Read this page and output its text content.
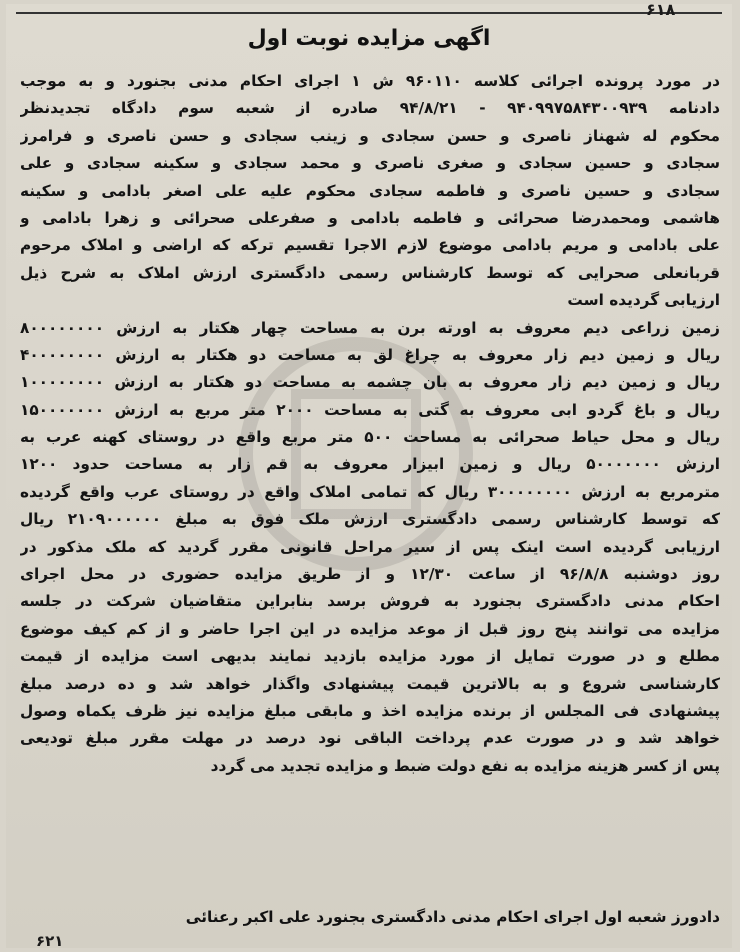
۶۱۸
اگهی مزایده نوبت اول
در مورد پرونده اجرائی کلاسه ۹۶۰۱۱۰ ش ۱ اجرای احکام مدنی بجنورد و به موجب
دادنامه ۹۴۰۹۹۷۵۸۴۳۰۰۹۳۹ - ۹۴/۸/۲۱ صادره از شعبه سوم دادگاه تجدیدنظر
محکوم له شهناز ناصری و حسن سجادی و زینب سجادی و حسن ناصری و فرامرز
سجادی و حسین سجادی و صغری ناصری و محمد سجادی و سکینه سجادی و علی
سجادی و حسین ناصری و فاطمه سجادی محکوم علیه علی اصغر بادامی و سکینه
هاشمی ومحمدرضا صحرائی و فاطمه بادامی و صفرعلی صحرائی و زهرا بادامی و
علی بادامی و مریم بادامی موضوع لازم الاجرا تقسیم ترکه که اراضی و املاک مرحوم
قربانعلی صحرایی که توسط کارشناس رسمی دادگستری ارزش املاک به شرح ذیل
ارزیابی گردیده است
زمین زراعی دیم معروف به اورته برن به مساحت چهار هکتار به ارزش ۸۰۰۰۰۰۰۰۰
ریال و زمین دیم زار معروف به چراغ لق به مساحت دو هکتار به ارزش ۴۰۰۰۰۰۰۰۰
ریال و زمین دیم زار معروف به بان چشمه به مساحت دو هکتار به ارزش ۱۰۰۰۰۰۰۰۰
ریال و باغ گردو ابی معروف به گتی به مساحت ۲۰۰۰ متر مربع به ارزش ۱۵۰۰۰۰۰۰۰
ریال و محل حیاط صحرائی به مساحت ۵۰۰ متر مربع واقع در روستای کهنه عرب به
ارزش ۵۰۰۰۰۰۰۰ ریال و زمین ابیزار معروف به قم زار به مساحت حدود ۱۲۰۰
مترمربع به ارزش ۳۰۰۰۰۰۰۰۰ ریال که تمامی املاک واقع در روستای عرب واقع گردیده
که توسط کارشناس رسمی دادگستری ارزش ملک فوق به مبلغ ۲۱۰۹۰۰۰۰۰۰ ریال
ارزیابی گردیده است اینک پس از سیر مراحل قانونی مقرر گردید که ملک مذکور در
روز دوشنبه ۹۶/۸/۸ از ساعت ۱۲/۳۰ و از طریق مزایده حضوری در محل اجرای
احکام مدنی دادگستری بجنورد به فروش برسد بنابراین متقاضیان شرکت در جلسه
مزایده می توانند پنج روز قبل از موعد مزایده در این اجرا حاضر و از کم کیف موضوع
مطلع و در صورت تمایل از مورد مزایده بازدید نمایند بدیهی است مزایده از قیمت
کارشناسی شروع و به بالاترین قیمت پیشنهادی واگذار خواهد شد و ده درصد مبلغ
پیشنهادی فی المجلس از برنده مزایده اخذ و مابقی مبلغ مزایده نیز ظرف یکماه وصول
خواهد شد و در صورت عدم پرداخت الباقی نود درصد در مهلت مقرر مبلغ تودیعی
پس از کسر هزینه مزایده به نفع دولت ضبط و مزایده تجدید می گردد
دادورز شعبه اول اجرای احکام مدنی دادگستری بجنورد علی اکبر رعنائی
۶۲۱
